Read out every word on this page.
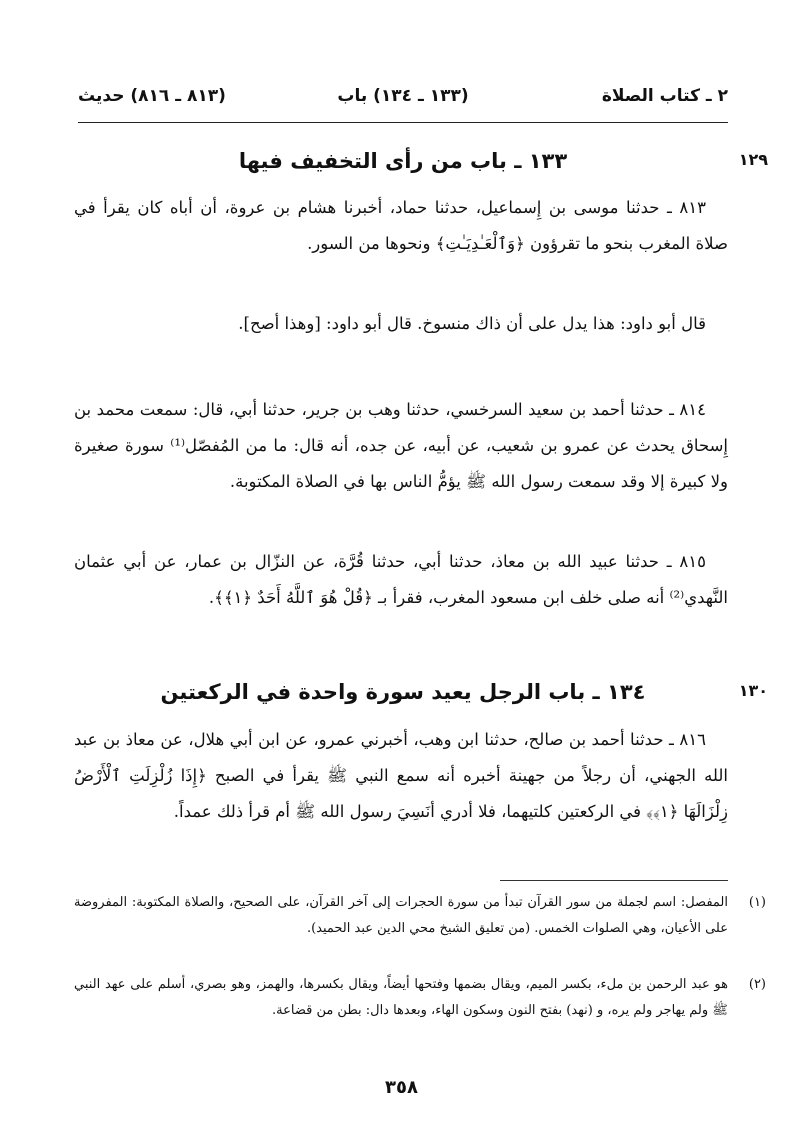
٢ ـ كتاب الصلاة
(١٣٣ ـ ١٣٤) باب
(٨١٣ ـ ٨١٦) حديث
١٢٩
١٣٣ ـ باب من رأى التخفيف فيها

٨١٣ ـ حدثنا موسى بن إِسماعيل، حدثنا حماد، أخبرنا هشام بن عروة، أن أباه كان يقرأ في صلاة المغرب بنحو ما تقرؤون ﴿وَٱلْعَـٰدِيَـٰتِ﴾ ونحوها من السور.

قال أبو داود: هذا يدل على أن ذاك منسوخ. قال أبو داود: [وهذا أصح].

٨١٤ ـ حدثنا أحمد بن سعيد السرخسي، حدثنا وهب بن جرير، حدثنا أبي، قال: سمعت محمد بن إِسحاق يحدث عن عمرو بن شعيب، عن أبيه، عن جده، أنه قال: ما من المُفصّل⁽¹⁾ سورة صغيرة ولا كبيرة إلا وقد سمعت رسول الله ﷺ يؤمُّ الناس بها في الصلاة المكتوبة.

٨١٥ ـ حدثنا عبيد الله بن معاذ، حدثنا أبي، حدثنا قُرَّة، عن النزّال بن عمار، عن أبي عثمان النَّهدي⁽²⁾ أنه صلى خلف ابن مسعود المغرب، فقرأ بـ ﴿قُلْ هُوَ ٱللَّهُ أَحَدٌ ﴿١﴾﴾.

١٣٠
١٣٤ ـ باب الرجل يعيد سورة واحدة في الركعتين

٨١٦ ـ حدثنا أحمد بن صالح، حدثنا ابن وهب، أخبرني عمرو، عن ابن أبي هلال، عن معاذ بن عبد الله الجهني، أن رجلاً من جهينة أخبره أنه سمع النبي ﷺ يقرأ في الصبح ﴿إِذَا زُلْزِلَتِ ٱلْأَرْضُ زِلْزَالَهَا ﴿١﴾﴾ في الركعتين كلتيهما، فلا أدري أنَسِيَ رسول الله ﷺ أم قرأ ذلك عمداً.

(١)
المفصل: اسم لجملة من سور القرآن تبدأ من سورة الحجرات إلى آخر القرآن، على الصحيح، والصلاة المكتوبة: المفروضة على الأعيان، وهي الصلوات الخمس. (من تعليق الشيخ محي الدين عبد الحميد).
(٢)
هو عبد الرحمن بن ملء، بكسر الميم، ويقال بضمها وفتحها أيضاً، ويقال بكسرها، والهمز، وهو بصري، أسلم على عهد النبي ﷺ ولم يهاجر ولم يره، و (نهد) بفتح النون وسكون الهاء، وبعدها دال: بطن من قضاعة.
٣٥٨
